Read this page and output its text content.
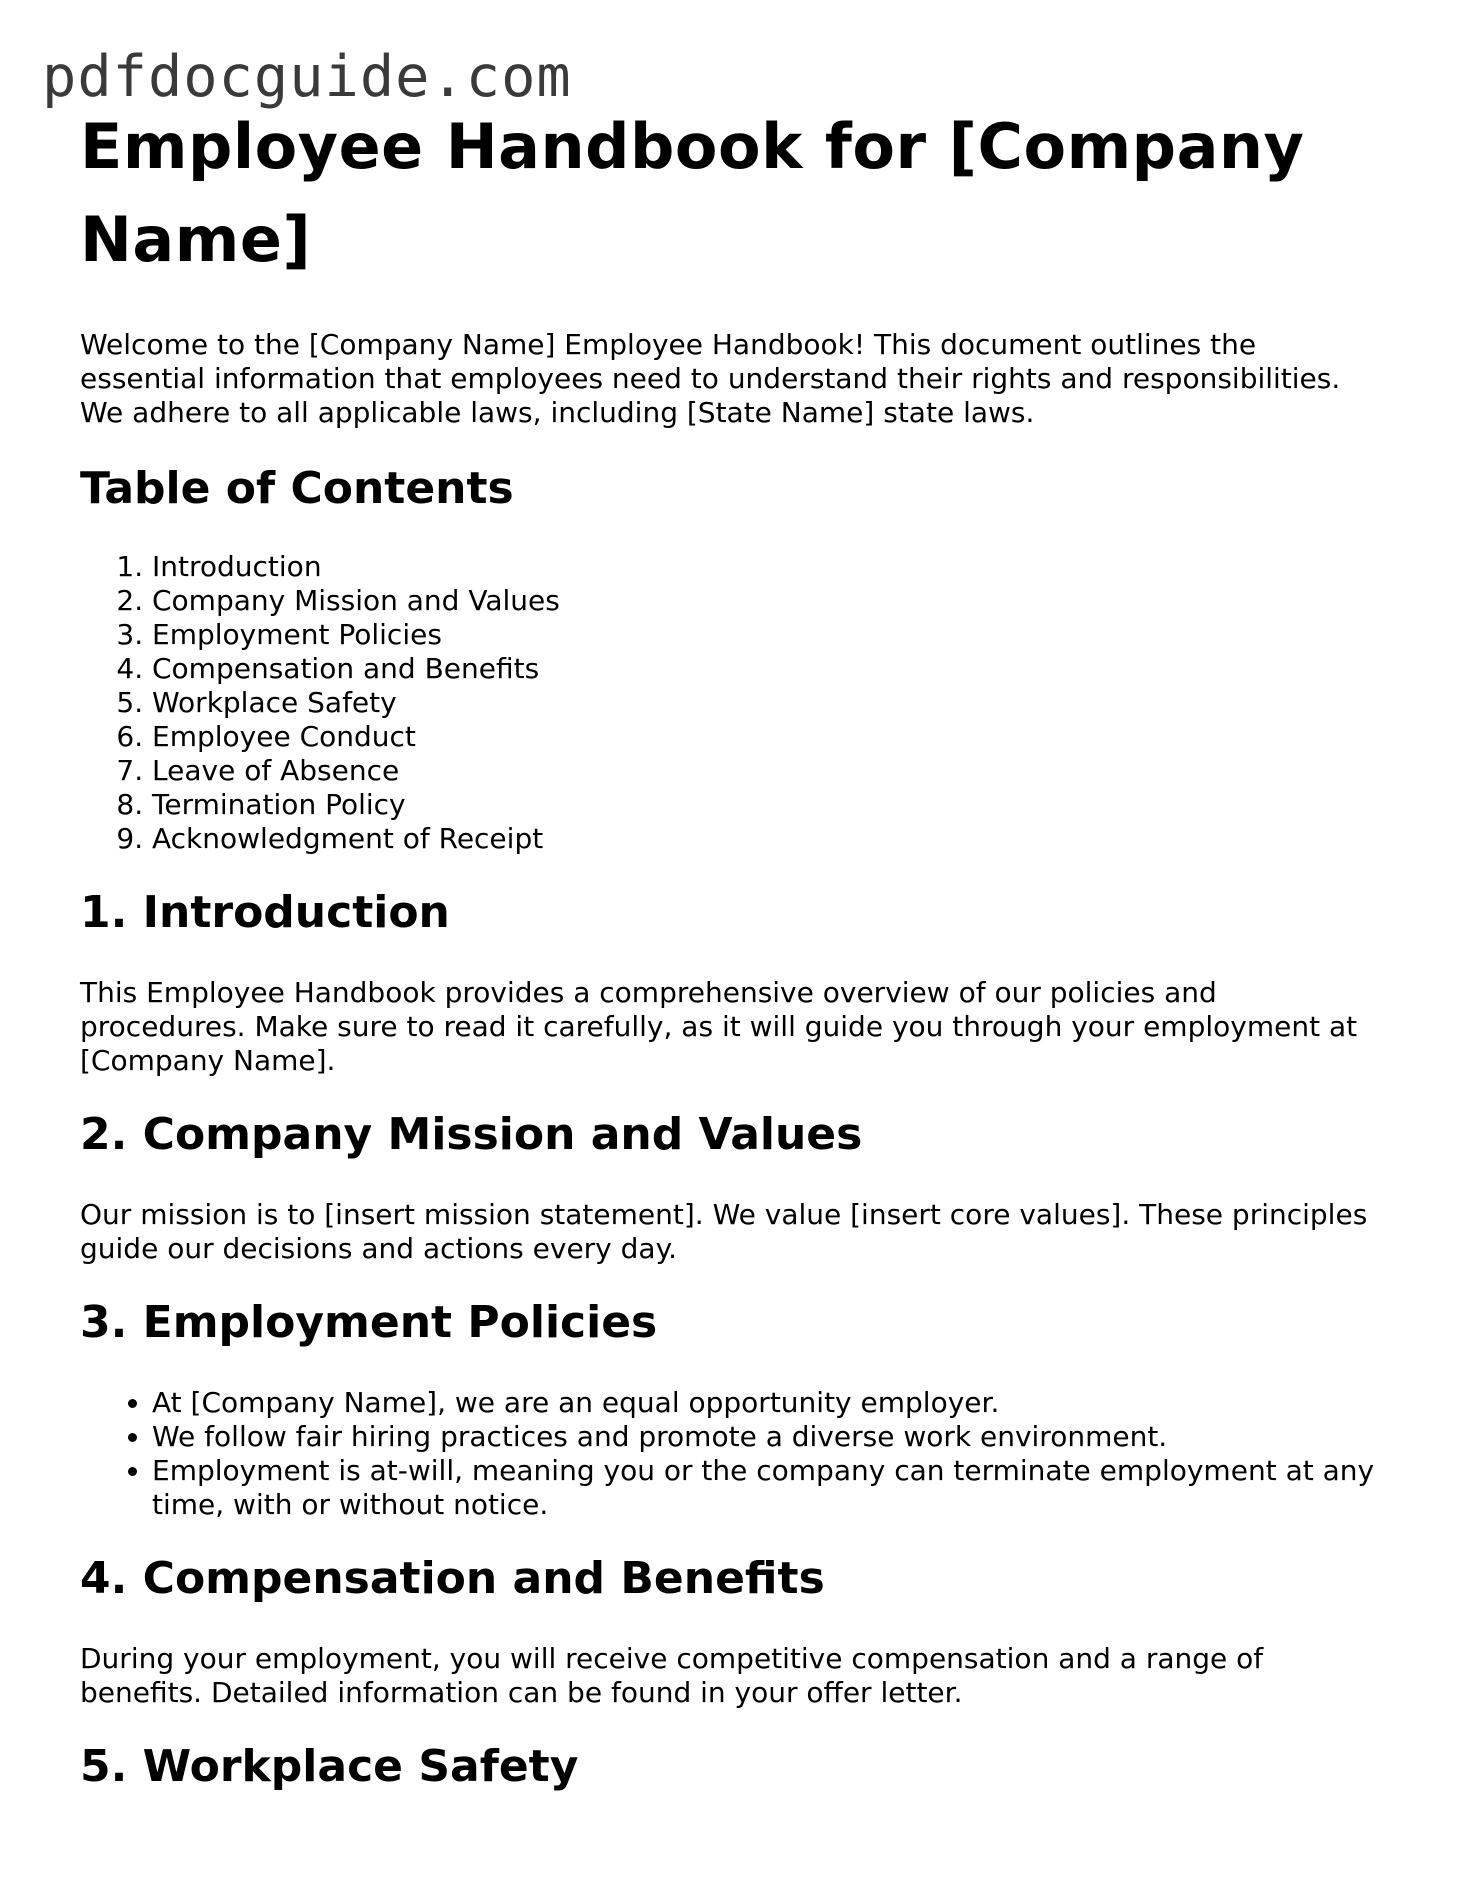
pdfdocguide.com
Employee Handbook for [Company Name]

Welcome to the [Company Name] Employee Handbook! This document outlines the essential information that employees need to understand their rights and responsibilities. We adhere to all applicable laws, including [State Name] state laws.

Table of Contents
1. Introduction
2. Company Mission and Values
3. Employment Policies
4. Compensation and Benefits
5. Workplace Safety
6. Employee Conduct
7. Leave of Absence
8. Termination Policy
9. Acknowledgment of Receipt
1. Introduction

This Employee Handbook provides a comprehensive overview of our policies and procedures. Make sure to read it carefully, as it will guide you through your employment at [Company Name].

2. Company Mission and Values

Our mission is to [insert mission statement]. We value [insert core values]. These principles guide our decisions and actions every day.

3. Employment Policies
• At [Company Name], we are an equal opportunity employer.
• We follow fair hiring practices and promote a diverse work environment.
• Employment is at-will, meaning you or the company can terminate employment at any time, with or without notice.
4. Compensation and Benefits

During your employment, you will receive competitive compensation and a range of benefits. Detailed information can be found in your offer letter.

5. Workplace Safety
